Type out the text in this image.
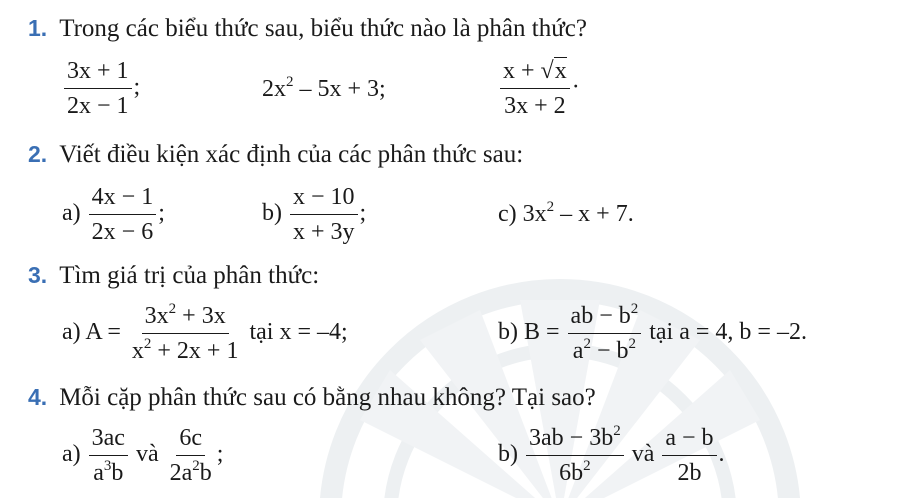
1. Trong các biểu thức sau, biểu thức nào là phân thức?
$\frac{3x + 1}{2x - 1}$ ;	$2x^2 - 5x + 3$;	$\frac{x + √x}{3x + 2}$ ·
2. Viết điều kiện xác định của các phân thức sau:
$a) \frac{4x - 1}{2x - 6}$ ;	$b) \frac{x - 10}{x + 3y}$ ;	c) $3x^2 - x + 7$.
3. Tìm giá trị của phân thức:
a) $A = \frac{3x^2 + 3x}{x^2 + 2x + 1}$ tại x = –4;	b) $B = \frac{ab - b^2}{a^2 - b^2}$ tại a = 4, b = –2.
4. Mỗi cặp phân thức sau có bằng nhau không? Tại sao?
$a) \frac{3ac}{a^3b}$ và $\frac{6c}{2a^2b}$ ;	$b) \frac{3ab - 3b^2}{6b^2}$ và $\frac{a - b}{2b}$ .
